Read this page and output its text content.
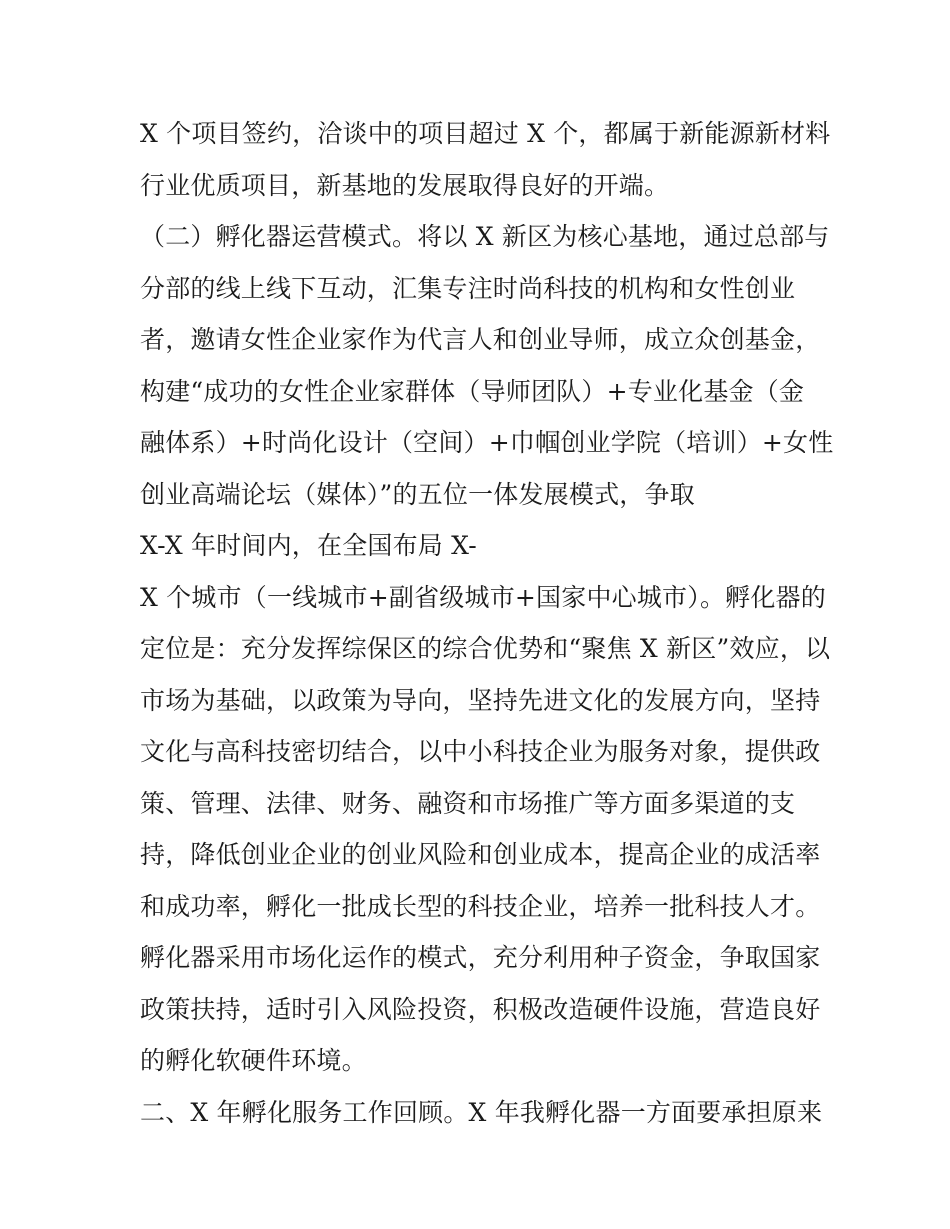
X 个项目签约，洽谈中的项目超过 X 个，都属于新能源新材料
行业优质项目，新基地的发展取得良好的开端。
（二）孵化器运营模式。将以 X 新区为核心基地，通过总部与
分部的线上线下互动，汇集专注时尚科技的机构和女性创业
者，邀请女性企业家作为代言人和创业导师，成立众创基金，
构建“成功的女性企业家群体（导师团队）+专业化基金（金
融体系）+时尚化设计（空间）+巾帼创业学院（培训）+女性
创业高端论坛（媒体）”的五位一体发展模式，争取
X-X 年时间内，在全国布局 X-
X 个城市（一线城市+副省级城市+国家中心城市）。孵化器的
定位是：充分发挥综保区的综合优势和“聚焦 X 新区”效应，以
市场为基础，以政策为导向，坚持先进文化的发展方向，坚持
文化与高科技密切结合，以中小科技企业为服务对象，提供政
策、管理、法律、财务、融资和市场推广等方面多渠道的支
持，降低创业企业的创业风险和创业成本，提高企业的成活率
和成功率，孵化一批成长型的科技企业，培养一批科技人才。
孵化器采用市场化运作的模式，充分利用种子资金，争取国家
政策扶持，适时引入风险投资，积极改造硬件设施，营造良好
的孵化软硬件环境。
二、X 年孵化服务工作回顾。X 年我孵化器一方面要承担原来
